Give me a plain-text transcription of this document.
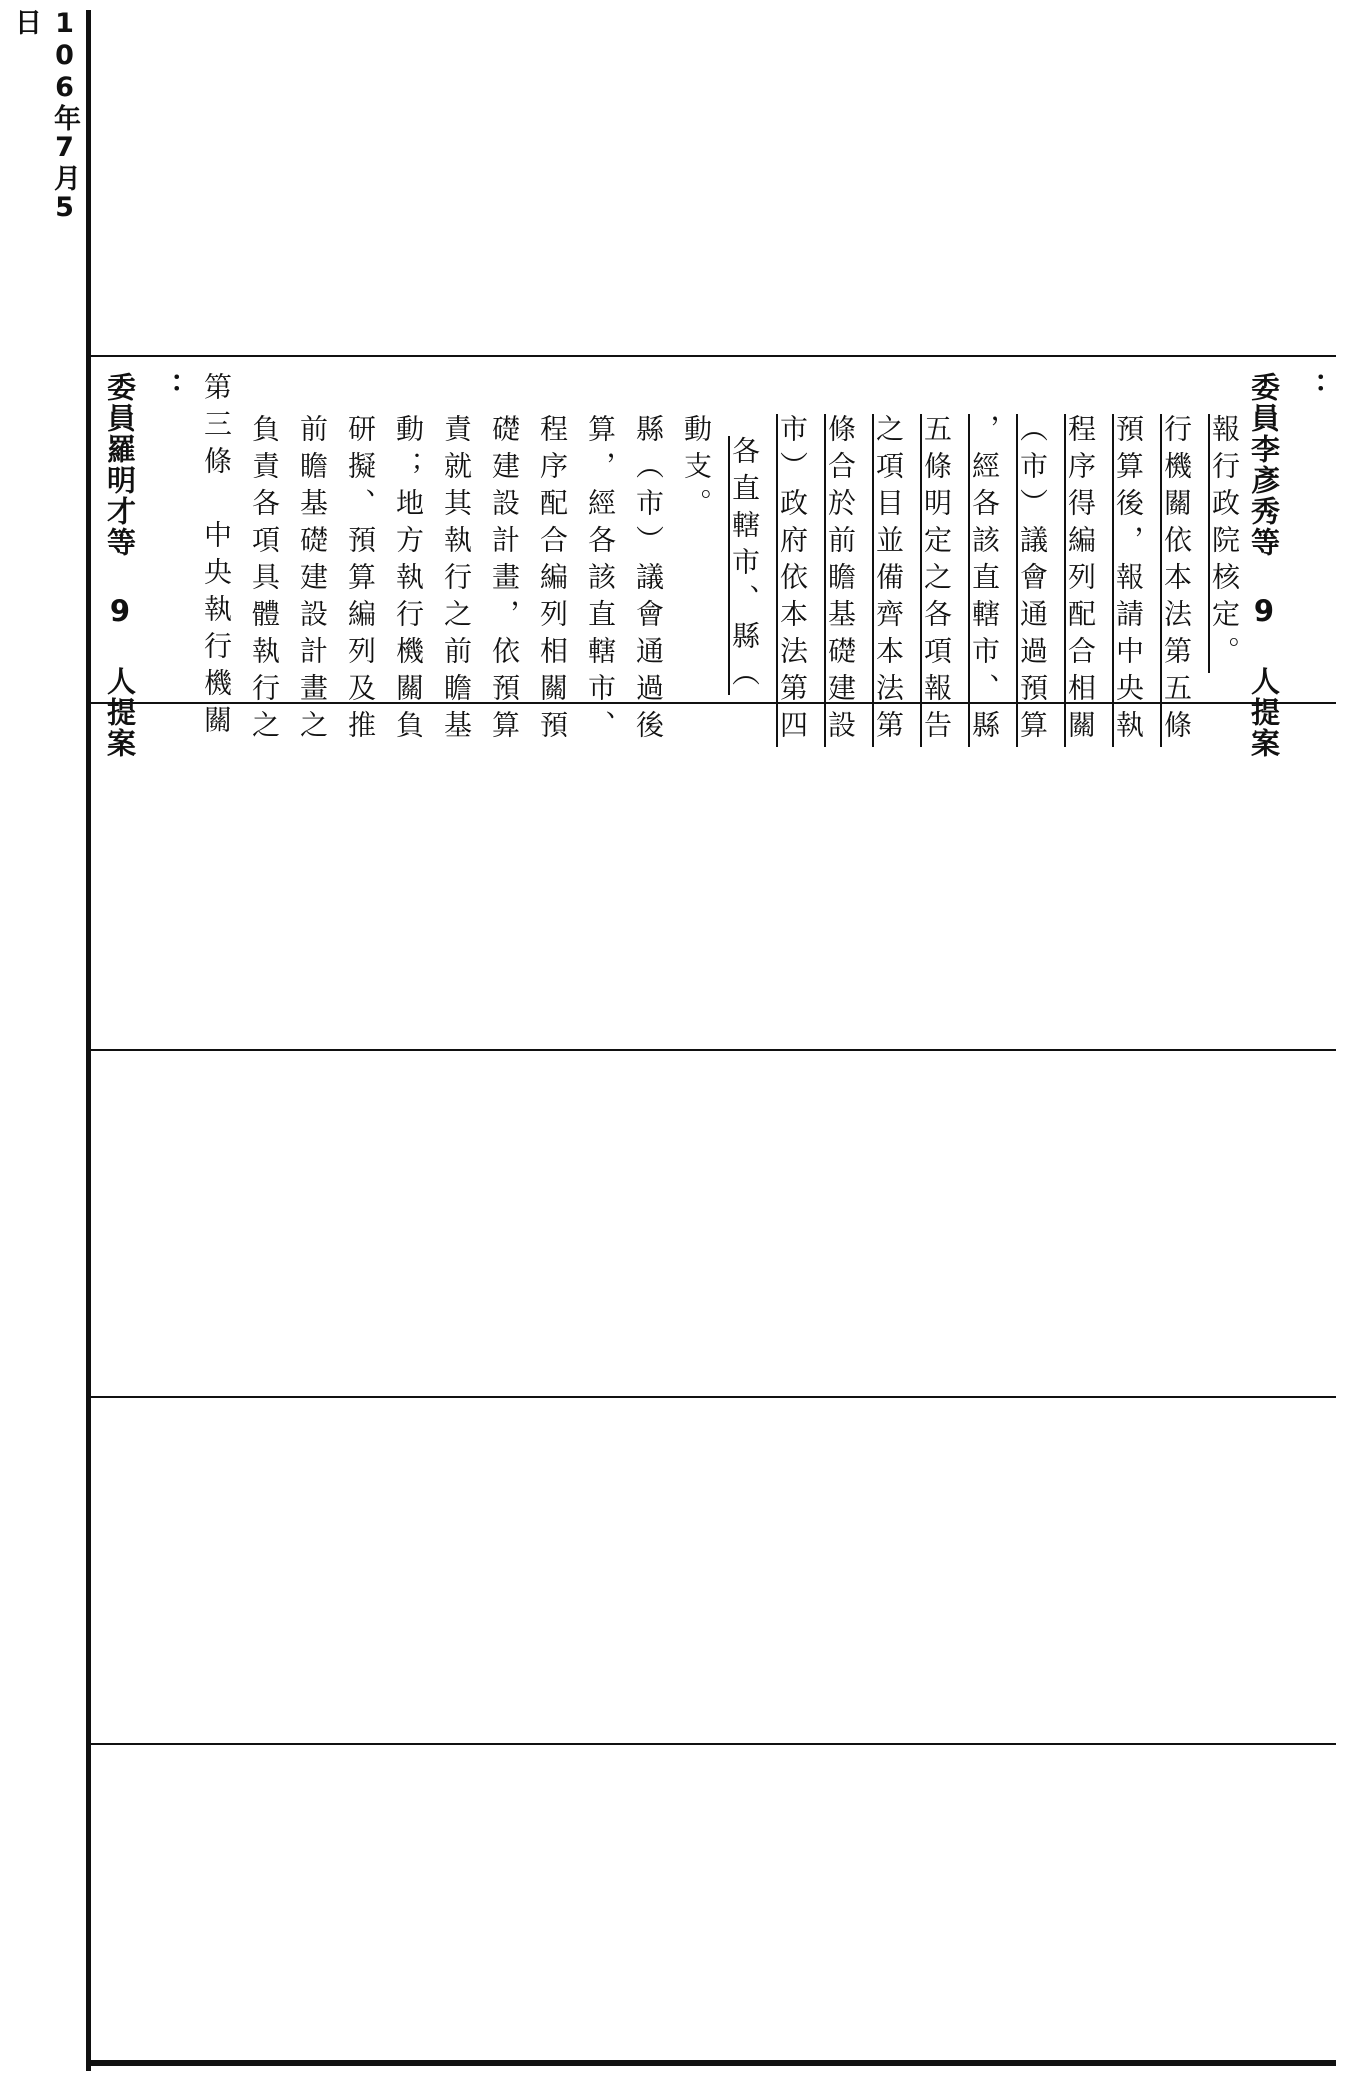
106年7月5日
委員羅明才等 9 人提案 ： 第三條　中央執行機關 負責各項具體執行之 前瞻基礎建設計畫之 研擬、預算編列及推 動；地方執行機關負 責就其執行之前瞻基 礎建設計畫，依預算 程序配合編列相關預 算，經各該直轄市、 縣（市）議會通過後 動支。 各直轄市、縣（ 市）政府依本法第四 條合於前瞻基礎建設 之項目並備齊本法第 五條明定之各項報告 ，經各該直轄市、縣 （市）議會通過預算 程序得編列配合相關 預算後，報請中央執 行機關依本法第五條 報行政院核定。 委員李彥秀等 9 人提案 ：
